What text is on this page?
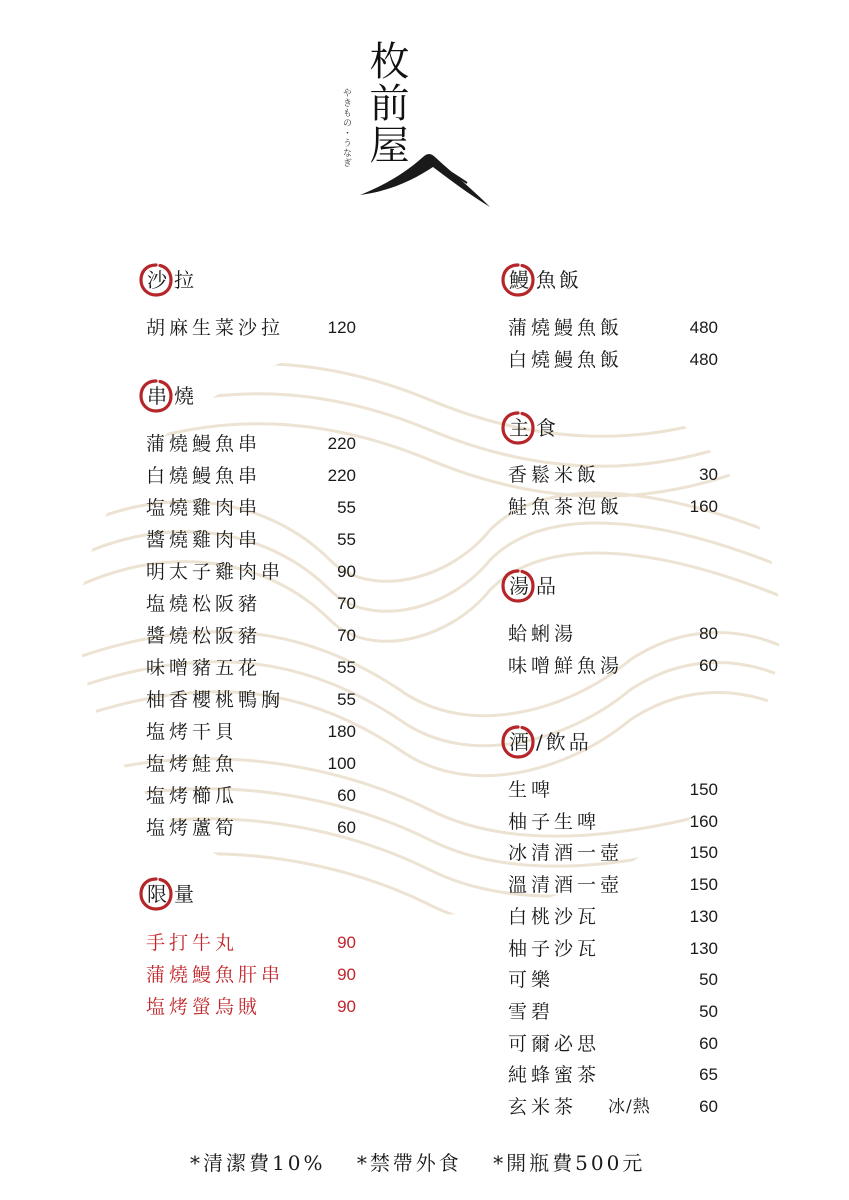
枚前屋
やきもの・うなぎ
沙 拉
胡麻生菜沙拉	120
串 燒
蒲燒鰻魚串	220
白燒鰻魚串	220
塩燒雞肉串	55
醬燒雞肉串	55
明太子雞肉串	90
塩燒松阪豬	70
醬燒松阪豬	70
味噌豬五花	55
柚香櫻桃鴨胸	55
塩烤干貝	180
塩烤鮭魚	100
塩烤櫛瓜	60
塩烤蘆筍	60
限 量
手打牛丸	90
蒲燒鰻魚肝串	90
塩烤螢烏賊	90
鰻 魚飯
蒲燒鰻魚飯	480
白燒鰻魚飯	480
主 食
香鬆米飯	30
鮭魚茶泡飯	160
湯 品
蛤蜊湯	80
味噌鮮魚湯	60
酒 /飲品
生啤	150
柚子生啤	160
冰清酒一壺	150
溫清酒一壺	150
白桃沙瓦	130
柚子沙瓦	130
可樂	50
雪碧	50
可爾必思	60
純蜂蜜茶	65
玄米茶 冰/熱	60
*清潔費10% *禁帶外食 *開瓶費500元
